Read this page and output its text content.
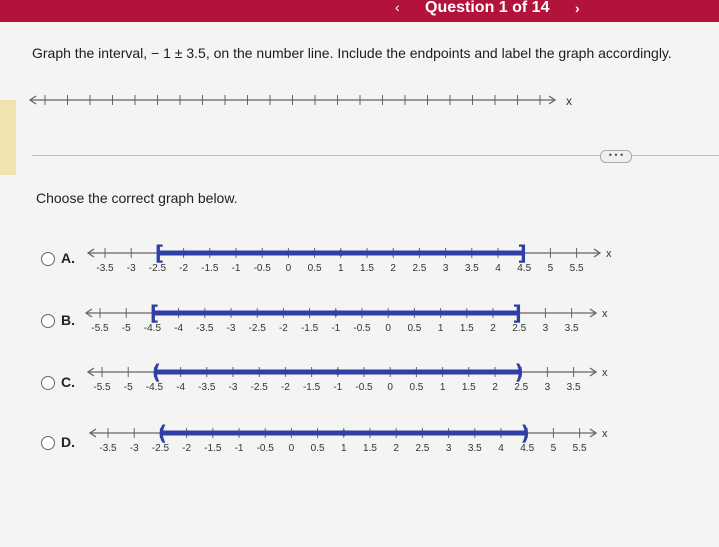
‹ Question 1 of 14 ›
Graph the interval, − 1 ± 3.5, on the number line. Include the endpoints and label the graph accordingly.
x
x
-3.5 -3 -2.5 -2 -1.5 -1 -0.5 0 0.5 1 1.5 2 2.5 3 3.5 4 4.5 5 5.5
[	]
x
-5.5 -5 -4.5 -4 -3.5 -3 -2.5 -2 -1.5 -1 -0.5 0 0.5 1 1.5 2 2.5 3 3.5
[	]
x
-5.5 -5 -4.5 -4 -3.5 -3 -2.5 -2 -1.5 -1 -0.5 0 0.5 1 1.5 2 2.5 3 3.5
(	)
x
-3.5 -3 -2.5 -2 -1.5 -1 -0.5 0 0.5 1 1.5 2 2.5 3 3.5 4 4.5 5 5.5
(	)
• • •
Choose the correct graph below.
A.
B.
C.
D.
